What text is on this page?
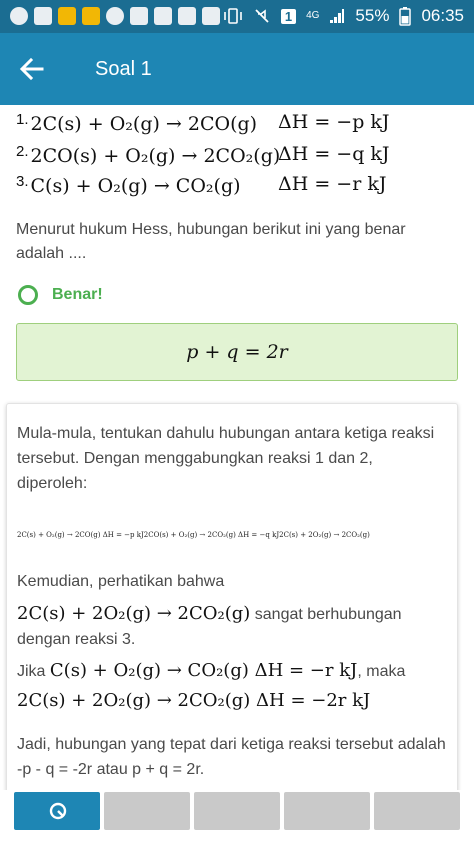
1	4G 55% 06:35
Soal 1
$^{1.}$ 2C(s) + O₂(g) → 2CO(g) ΔH = −p kJ
$^{2.}$ 2CO(s) + O₂(g) → 2CO₂(g)
ΔH = −q kJ
$^{3.}$ C(s) + O₂(g) → CO₂(g) ΔH = −r kJ
Menurut hukum Hess, hubungan berikut ini yang benar adalah ....
Benar!
p + q = 2r
Mula-mula, tentukan dahulu hubungan antara ketiga reaksi tersebut. Dengan menggabungkan reaksi 1 dan 2, diperoleh:
2C(s) + O₂(g) → 2CO(g) ΔH = −p kJ2CO(s) + O₂(g) → 2CO₂(g) ΔH = −q kJ2C(s) + 2O₂(g) → 2CO₂(g)
Kemudian, perhatikan bahwa
2C(s) + 2O₂(g) → 2CO₂(g) sangat berhubungan dengan reaksi 3.
Jika C(s) + O₂(g) → CO₂(g) ΔH = −r kJ, maka
2C(s) + 2O₂(g) → 2CO₂(g) ΔH = −2r kJ
Jadi, hubungan yang tepat dari ketiga reaksi tersebut adalah -p - q = -2r atau p + q = 2r.
